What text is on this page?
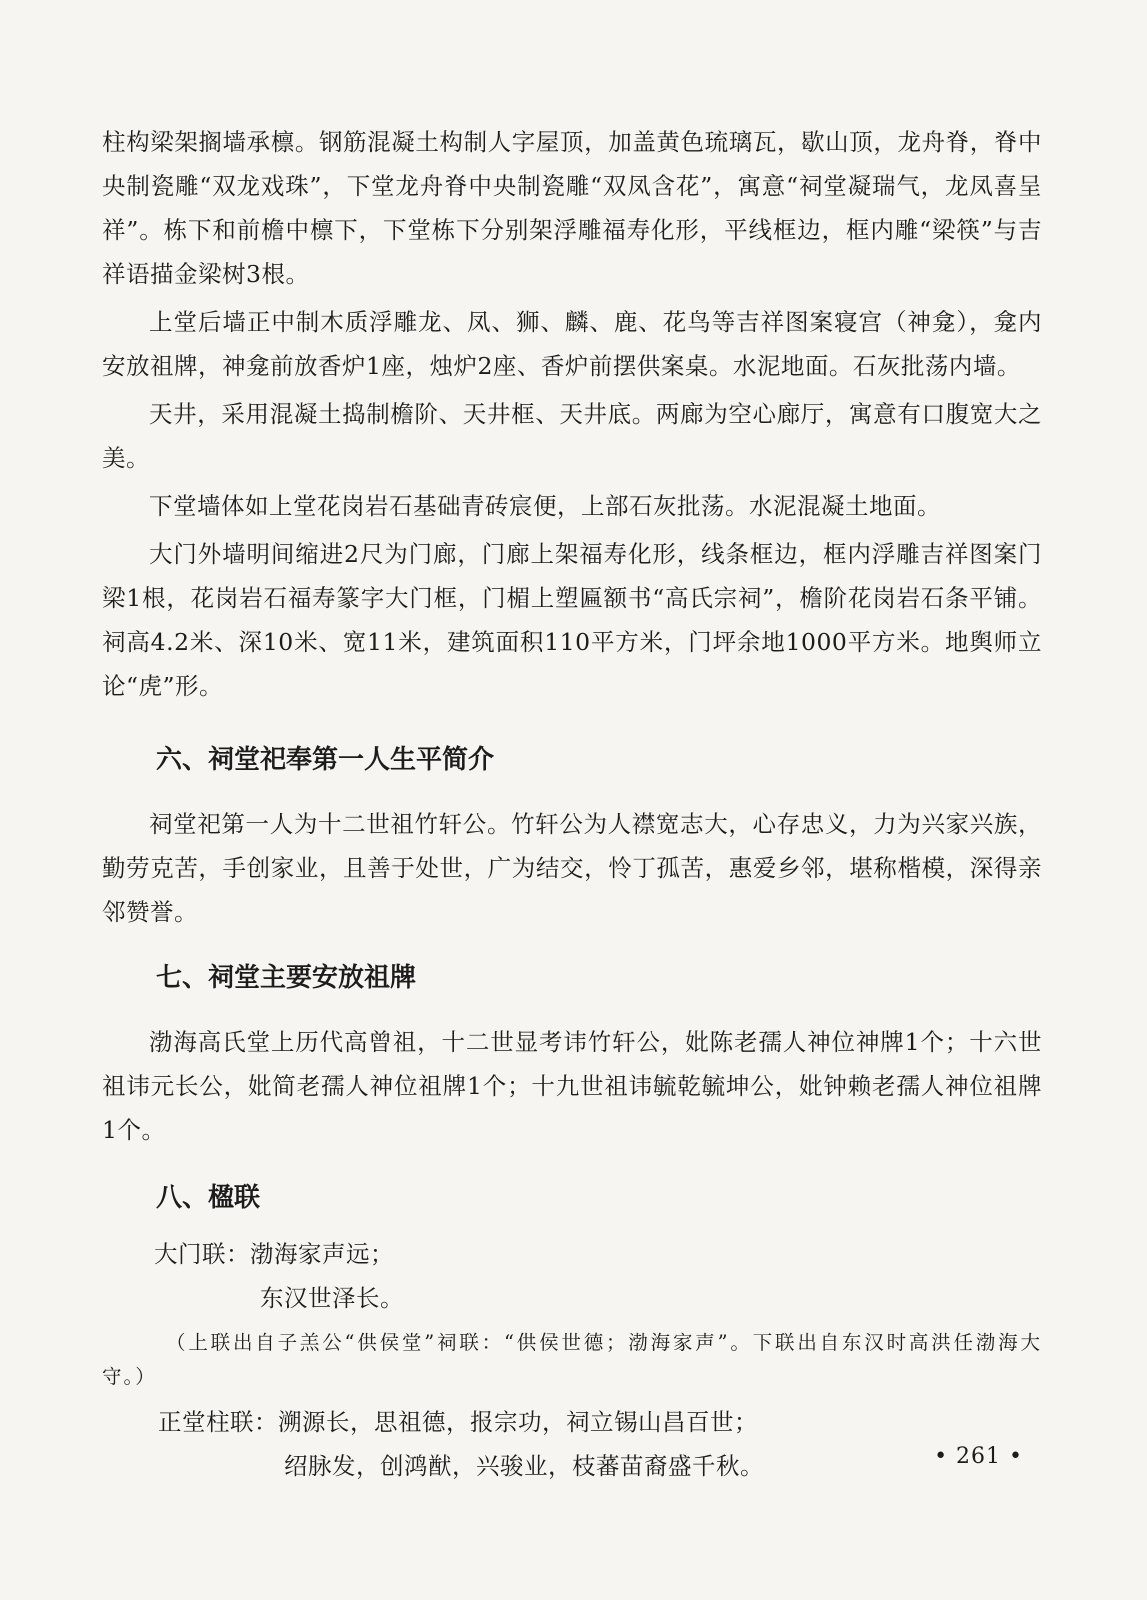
柱构梁架搁墙承檩。钢筋混凝土构制人字屋顶，加盖黄色琉璃瓦，歇山顶，龙舟脊，脊中央制瓷雕“双龙戏珠”，下堂龙舟脊中央制瓷雕“双凤含花”，寓意“祠堂凝瑞气，龙凤喜呈祥”。栋下和前檐中檩下，下堂栋下分别架浮雕福寿化形，平线框边，框内雕“梁筷”与吉祥语描金梁树3根。

上堂后墙正中制木质浮雕龙、凤、狮、麟、鹿、花鸟等吉祥图案寝宫（神龛），龛内安放祖牌，神龛前放香炉1座，烛炉2座、香炉前摆供案桌。水泥地面。石灰批荡内墙。

天井，采用混凝土捣制檐阶、天井框、天井底。两廊为空心廊厅，寓意有口腹宽大之美。

下堂墙体如上堂花岗岩石基础青砖宸便，上部石灰批荡。水泥混凝土地面。

大门外墙明间缩进2尺为门廊，门廊上架福寿化形，线条框边，框内浮雕吉祥图案门梁1根，花岗岩石福寿篆字大门框，门楣上塑匾额书“高氏宗祠”，檐阶花岗岩石条平铺。祠高4.2米、深10米、宽11米，建筑面积110平方米，门坪余地1000平方米。地舆师立论“虎”形。

六、祠堂祀奉第一人生平简介

祠堂祀第一人为十二世祖竹轩公。竹轩公为人襟宽志大，心存忠义，力为兴家兴族，勤劳克苦，手创家业，且善于处世，广为结交，怜丁孤苦，惠爱乡邻，堪称楷模，深得亲邻赞誉。

七、祠堂主要安放祖牌

渤海高氏堂上历代高曾祖，十二世显考讳竹轩公，妣陈老孺人神位神牌1个；十六世祖讳元长公，妣简老孺人神位祖牌1个；十九世祖讳毓乾毓坤公，妣钟赖老孺人神位祖牌1个。

八、楹联
大门联：渤海家声远；
东汉世泽长。

（上联出自子羔公“供侯堂”祠联：“供侯世德；渤海家声”。下联出自东汉时高洪任渤海大守。）

正堂柱联：溯源长，思祖德，报宗功，祠立锡山昌百世；
绍脉发，创鸿猷，兴骏业，枝蕃苗裔盛千秋。	• 261 •
